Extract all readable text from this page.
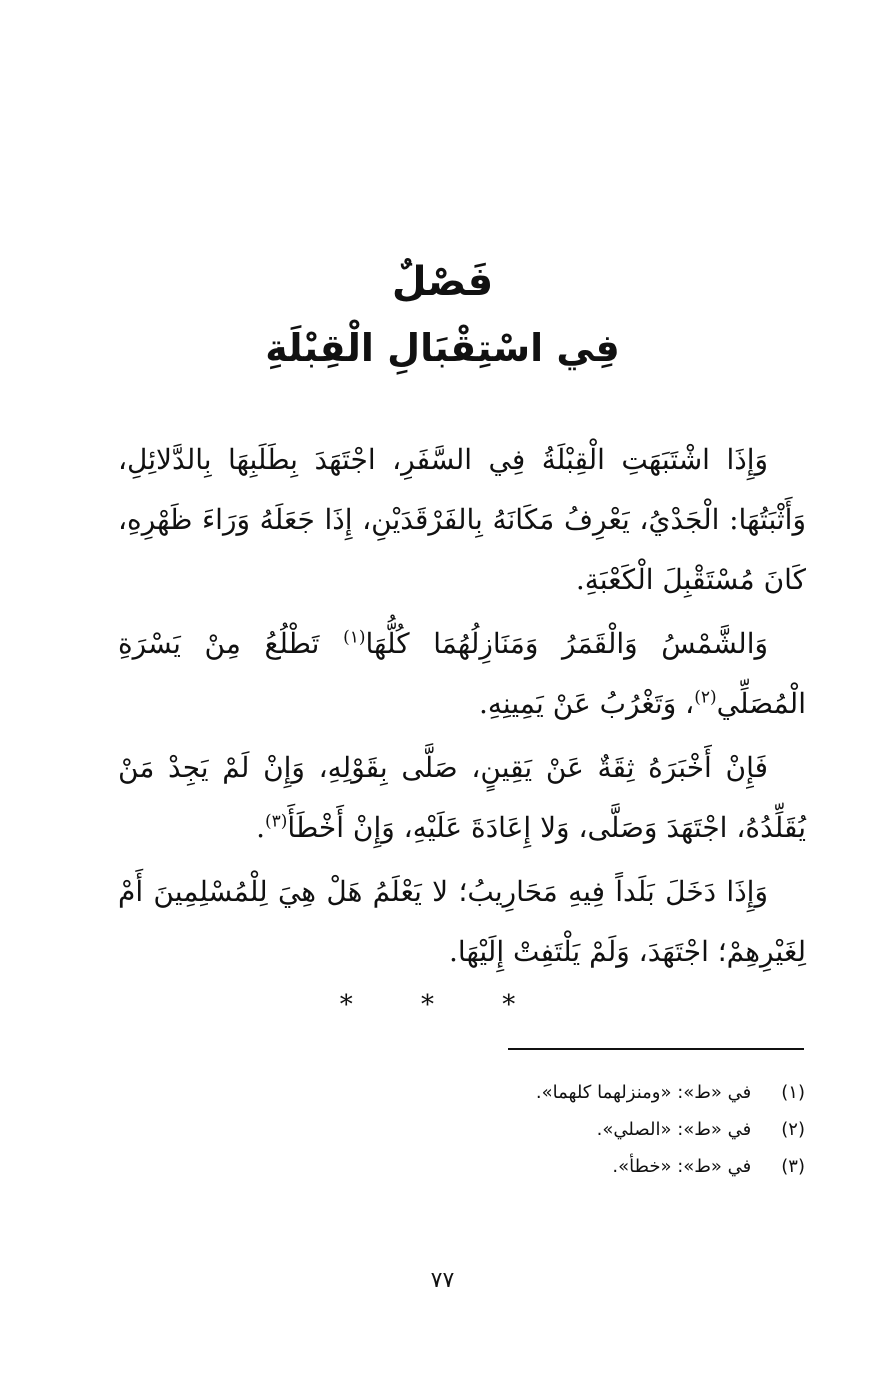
فَصْلٌ
فِي اسْتِقْبَالِ الْقِبْلَةِ

وَإِذَا اشْتَبَهَتِ الْقِبْلَةُ فِي السَّفَرِ، اجْتَهَدَ بِطَلَبِهَا بِالدَّلائِلِ، وَأَثْبَتُهَا: الْجَدْيُ، يَعْرِفُ مَكَانَهُ بِالفَرْقَدَيْنِ، إِذَا جَعَلَهُ وَرَاءَ ظَهْرِهِ، كَانَ مُسْتَقْبِلَ الْكَعْبَةِ.

وَالشَّمْسُ وَالْقَمَرُ وَمَنَازِلُهُمَا كُلُّهَا$^{(١)}$ تَطْلُعُ مِنْ يَسْرَةِ الْمُصَلِّي$^{(٢)}$، وَتَغْرُبُ عَنْ يَمِينِهِ.

فَإِنْ أَخْبَرَهُ ثِقَةٌ عَنْ يَقِينٍ، صَلَّى بِقَوْلِهِ، وَإِنْ لَمْ يَجِدْ مَنْ يُقَلِّدُهُ، اجْتَهَدَ وَصَلَّى، وَلا إِعَادَةَ عَلَيْهِ، وَإِنْ أَخْطَأَ$^{(٣)}$.

وَإِذَا دَخَلَ بَلَداً فِيهِ مَحَارِيبُ؛ لا يَعْلَمُ هَلْ هِيَ لِلْمُسْلِمِينَ أَمْ لِغَيْرِهِمْ؛ اجْتَهَدَ، وَلَمْ يَلْتَفِتْ إِلَيْهَا.

* * *
(١) في «ط»: «ومنزلهما كلهما».
(٢) في «ط»: «الصلي».
(٣) في «ط»: «خطأ».
٧٧
